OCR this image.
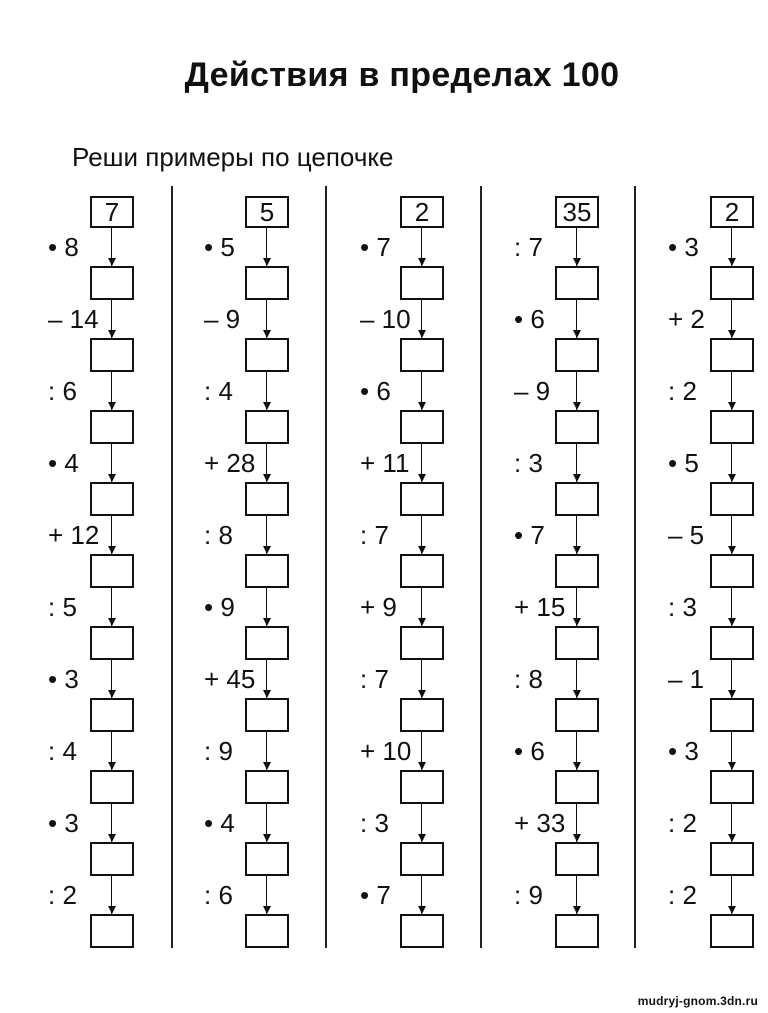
Действия в пределах 100
Реши примеры по цепочке
7
• 8
– 14
: 6
• 4
+ 12
: 5
• 3
: 4
• 3
: 2
5
• 5
– 9
: 4
+ 28
: 8
• 9
+ 45
: 9
• 4
: 6
2
• 7
– 10
• 6
+ 11
: 7
+ 9
: 7
+ 10
: 3
• 7
35
: 7
• 6
– 9
: 3
• 7
+ 15
: 8
• 6
+ 33
: 9
2
• 3
+ 2
: 2
• 5
– 5
: 3
– 1
• 3
: 2
: 2
mudryj-gnom.3dn.ru
